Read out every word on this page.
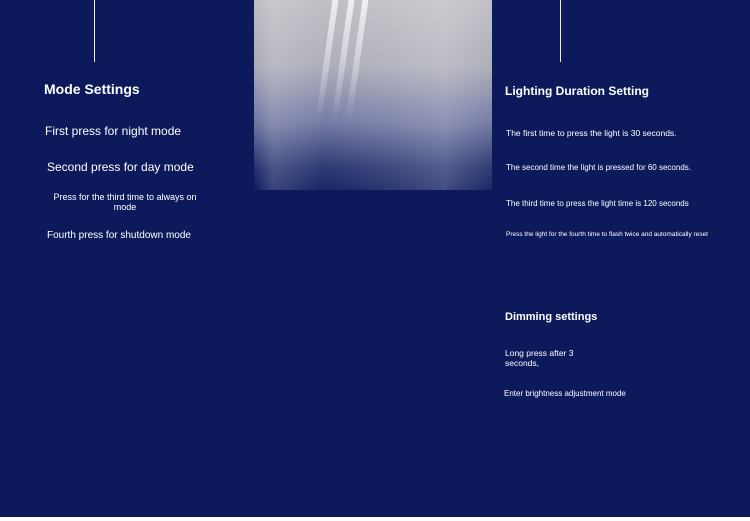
Mode Settings
First press for night mode
Second press for day mode
Press for the third time to always on mode
Fourth press for shutdown mode
Lighting Duration Setting
The first time to press the light is 30 seconds.
The second time the light is pressed for 60 seconds.
The third time to press the light time is 120 seconds
Press the light for the fourth time to flash twice and automatically reset
Dimming settings
Long press after 3 seconds,
Enter brightness adjustment mode
